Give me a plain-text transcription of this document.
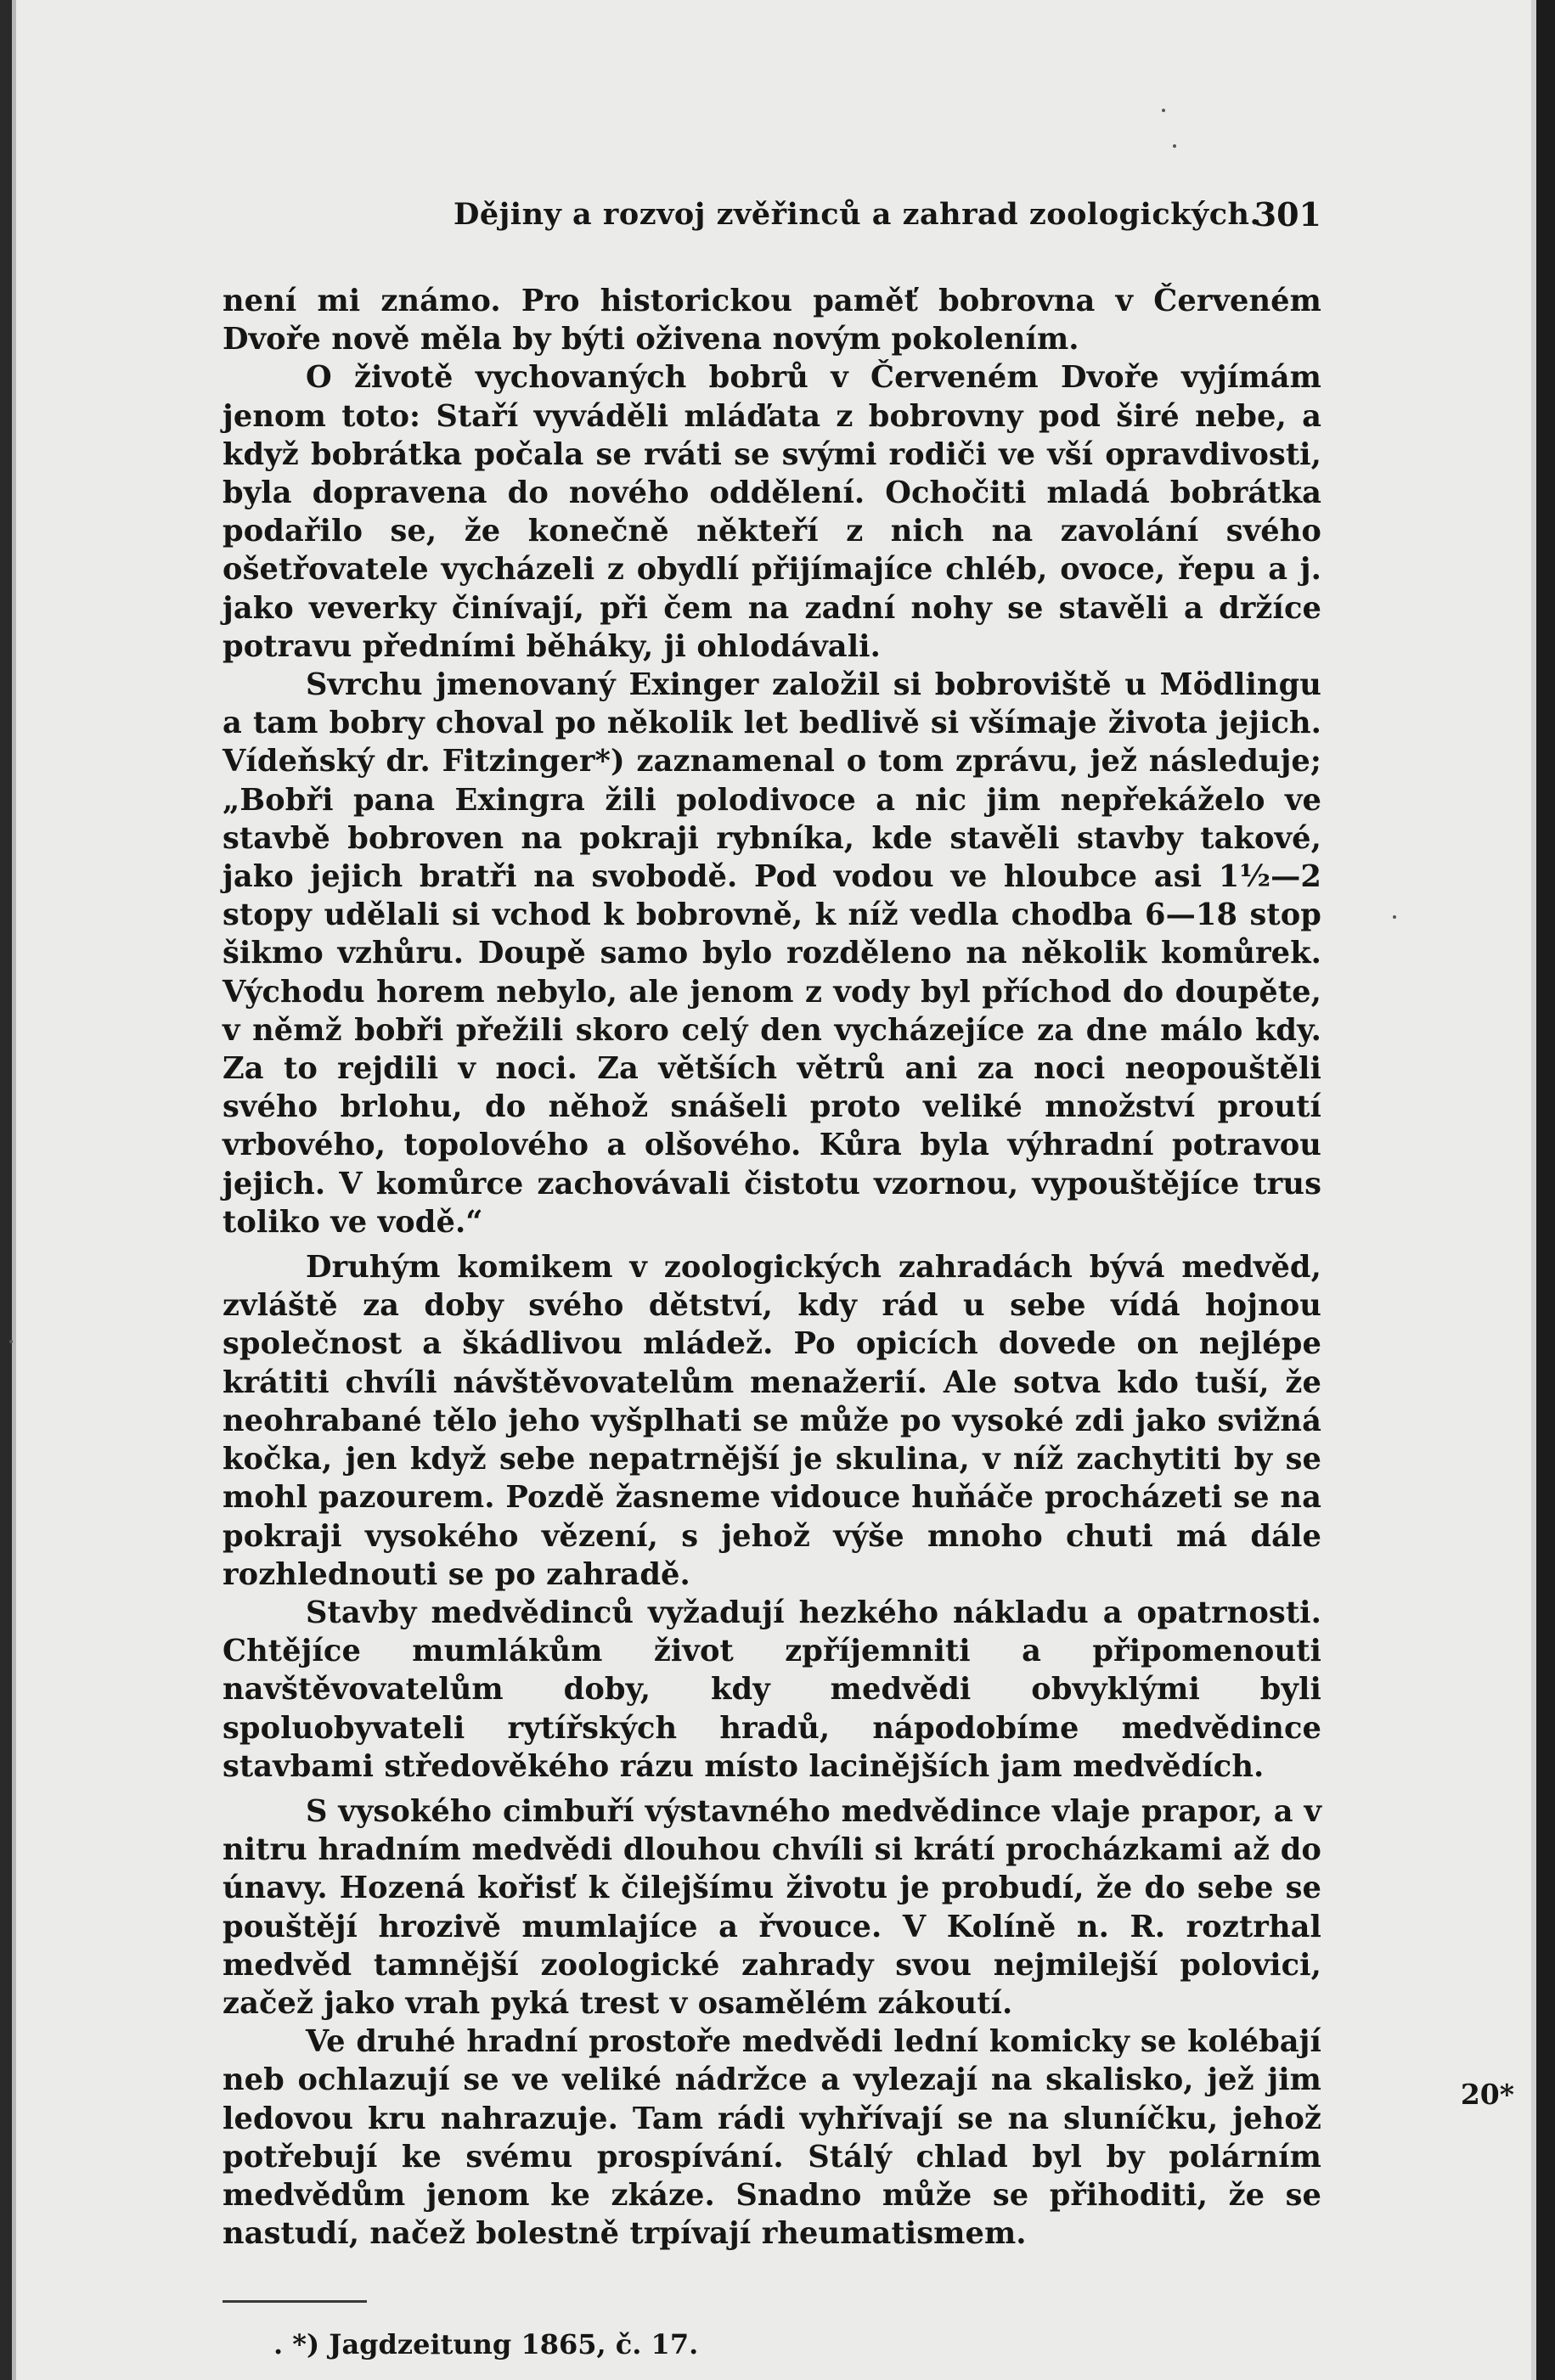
Dějiny a rozvoj zvěřinců a zahrad zoologických.
301

není mi známo. Pro historickou paměť bobrovna v Červeném Dvoře nově měla by býti oživena novým pokolením.

O životě vychovaných bobrů v Červeném Dvoře vyjímám jenom toto: Staří vyváděli mláďata z bobrovny pod širé nebe, a když bobrátka počala se rváti se svými rodiči ve vší opravdivosti, byla dopravena do nového oddělení. Ochočiti mladá bobrátka podařilo se, že konečně někteří z nich na zavolání svého ošetřovatele vycházeli z obydlí přijímajíce chléb, ovoce, řepu a j. jako veverky činívají, při čem na zadní nohy se stavěli a držíce potravu předními běháky, ji ohlodávali.

Svrchu jmenovaný Exinger založil si bobroviště u Mödlingu a tam bobry choval po několik let bedlivě si všímaje života jejich. Vídeňský dr. Fitzinger*) zaznamenal o tom zprávu, jež následuje; „Bobři pana Exingra žili polodivoce a nic jim nepřekáželo ve stavbě bobroven na pokraji rybníka, kde stavěli stavby takové, jako jejich bratři na svobodě. Pod vodou ve hloubce asi 1½—2 stopy udělali si vchod k bobrovně, k níž vedla chodba 6—18 stop šikmo vzhůru. Doupě samo bylo rozděleno na několik komůrek. Východu horem nebylo, ale jenom z vody byl příchod do doupěte, v němž bobři přežili skoro celý den vycházejíce za dne málo kdy. Za to rejdili v noci. Za větších větrů ani za noci neopouštěli svého brlohu, do něhož snášeli proto veliké množství proutí vrbového, topolového a olšového. Kůra byla výhradní potravou jejich. V komůrce zachovávali čistotu vzornou, vypouštějíce trus toliko ve vodě.“

Druhým komikem v zoologických zahradách bývá medvěd, zvláště za doby svého dětství, kdy rád u sebe vídá hojnou společnost a škádlivou mládež. Po opicích dovede on nejlépe krátiti chvíli návštěvovatelům menažerií. Ale sotva kdo tuší, že neohrabané tělo jeho vyšplhati se může po vysoké zdi jako svižná kočka, jen když sebe nepatrnější je skulina, v níž zachytiti by se mohl pazourem. Pozdě žasneme vidouce huňáče procházeti se na pokraji vysokého vězení, s jehož výše mnoho chuti má dále rozhlednouti se po zahradě.

Stavby medvědinců vyžadují hezkého nákladu a opatrnosti. Chtějíce mumlákům život zpříjemniti a připomenouti navštěvovatelům doby, kdy medvědi obvyklými byli spoluobyvateli rytířských hradů, nápodobíme medvědince stavbami středověkého rázu místo lacinějších jam medvědích.

S vysokého cimbuří výstavného medvědince vlaje prapor, a v nitru hradním medvědi dlouhou chvíli si krátí procházkami až do únavy. Hozená kořisť k čilejšímu životu je probudí, že do sebe se pouštějí hrozivě mumlajíce a řvouce. V Kolíně n. R. roztrhal medvěd tamnější zoologické zahrady svou nejmilejší polovici, začež jako vrah pyká trest v osamělém zákoutí.

Ve druhé hradní prostoře medvědi lední komicky se kolébají neb ochlazují se ve veliké nádržce a vylezají na skalisko, jež jim ledovou kru nahrazuje. Tam rádi vyhřívají se na sluníčku, jehož potřebují ke svému prospívání. Stálý chlad byl by polárním medvědům jenom ke zkáze. Snadno může se přihoditi, že se nastudí, načež bolestně trpívají rheumatismem.

. *) Jagdzeitung 1865, č. 17.
20*
